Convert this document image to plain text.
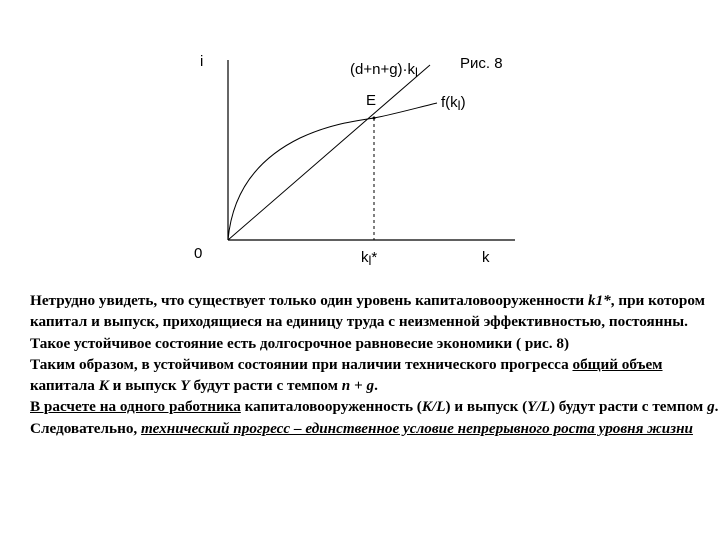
i
0	k
(d+n+g)·kl
Рис. 8
E	f(kl)
kl*

Нетрудно увидеть, что существует только один уровень капиталовооруженности k1*, при котором капитал и выпуск, приходящиеся на единицу труда с неизменной эффективностью, постоянны. Такое устойчивое состояние есть долгосрочное равновесие экономики ( рис. 8)

Таким образом, в устойчивом состоянии при наличии технического прогресса общий объем капитала K и выпуск Y будут расти с темпом n + g.

В расчете на одного работника капиталовооруженность (K/L) и выпуск (Y/L) будут расти с темпом g. Следовательно, технический прогресс – единственное условие непрерывного роста уровня жизни
